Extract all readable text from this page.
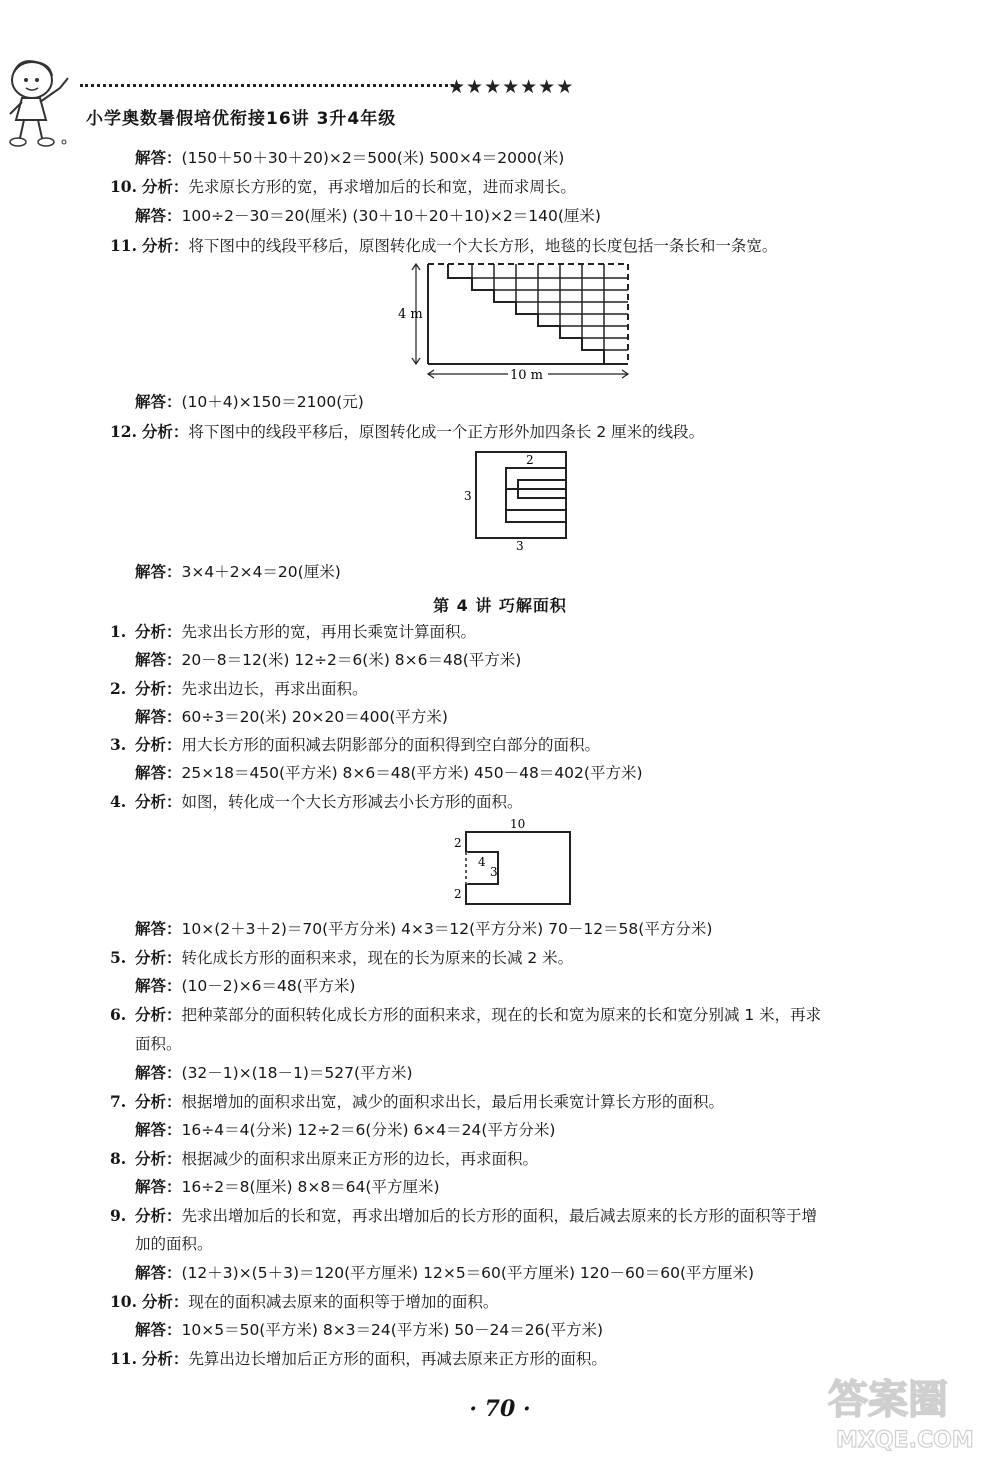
★★★★★★★
小学奥数暑假培优衔接16讲 3升4年级
解答：(150＋50＋30＋20)×2＝500(米) 500×4＝2000(米)
10. 分析：先求原长方形的宽，再求增加后的长和宽，进而求周长。
解答：100÷2－30＝20(厘米) (30＋10＋20＋10)×2＝140(厘米)
11. 分析：将下图中的线段平移后，原图转化成一个大长方形，地毯的长度包括一条长和一条宽。
4 m
10 m
解答：(10＋4)×150＝2100(元)
12. 分析：将下图中的线段平移后，原图转化成一个正方形外加四条长 2 厘米的线段。
2
3
3
解答：3×4＋2×4＝20(厘米)
第 4 讲 巧解面积
1. 分析：先求出长方形的宽，再用长乘宽计算面积。
解答：20－8＝12(米) 12÷2＝6(米) 8×6＝48(平方米)
2. 分析：先求出边长，再求出面积。
解答：60÷3＝20(米) 20×20＝400(平方米)
3. 分析：用大长方形的面积减去阴影部分的面积得到空白部分的面积。
解答：25×18＝450(平方米) 8×6＝48(平方米) 450－48＝402(平方米)
4. 分析：如图，转化成一个大长方形减去小长方形的面积。
10
2
4
3
2
解答：10×(2＋3＋2)＝70(平方分米) 4×3＝12(平方分米) 70－12＝58(平方分米)
5. 分析：转化成长方形的面积来求，现在的长为原来的长减 2 米。
解答：(10－2)×6＝48(平方米)
6. 分析：把种菜部分的面积转化成长方形的面积来求，现在的长和宽为原来的长和宽分别减 1 米，再求
面积。
解答：(32－1)×(18－1)＝527(平方米)
7. 分析：根据增加的面积求出宽，减少的面积求出长，最后用长乘宽计算长方形的面积。
解答：16÷4＝4(分米) 12÷2＝6(分米) 6×4＝24(平方分米)
8. 分析：根据减少的面积求出原来正方形的边长，再求面积。
解答：16÷2＝8(厘米) 8×8＝64(平方厘米)
9. 分析：先求出增加后的长和宽，再求出增加后的长方形的面积，最后减去原来的长方形的面积等于增
加的面积。
解答：(12＋3)×(5＋3)＝120(平方厘米) 12×5＝60(平方厘米) 120－60＝60(平方厘米)
10. 分析：现在的面积减去原来的面积等于增加的面积。
解答：10×5＝50(平方米) 8×3＝24(平方米) 50－24＝26(平方米)
11. 分析：先算出边长增加后正方形的面积，再减去原来正方形的面积。
· 70 ·	答案圈
MXQE.COM
